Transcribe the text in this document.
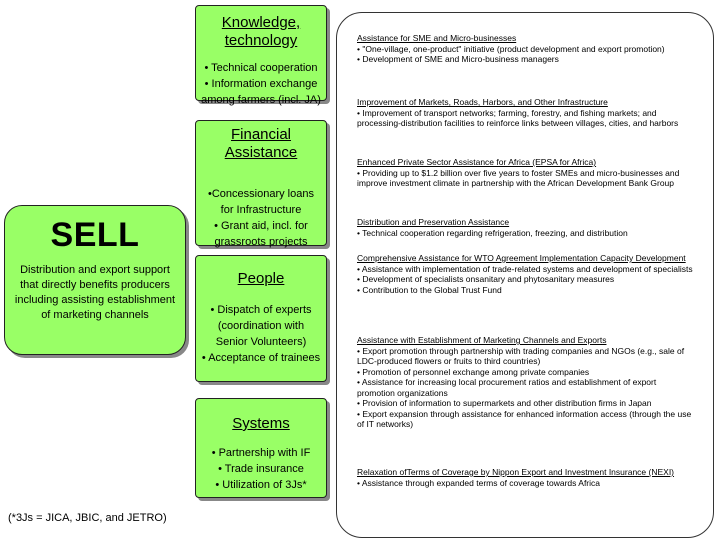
SELL
Distribution and export support that directly benefits producers including assisting establishment of marketing channels
Knowledge, technology
• Technical cooperation
• Information exchange
among farmers (incl. JA)
Financial Assistance
•Concessionary loans
for Infrastructure
• Grant aid, incl. for
grassroots projects
People
• Dispatch of experts
(coordination with
Senior Volunteers)
• Acceptance of trainees
Systems
• Partnership with IF
• Trade insurance
• Utilization of 3Js*
Assistance for SME and Micro-businesses
• "One-village, one-product" initiative (product development and export promotion)
• Development of SME and Micro-business managers
Improvement of Markets, Roads, Harbors, and Other Infrastructure
• Improvement of transport networks; farming, forestry, and fishing markets; and processing-distribution facilities to reinforce links between villages, cities, and harbors
Enhanced Private Sector Assistance for Africa (EPSA for Africa)
• Providing up to $1.2 billion over five years to foster SMEs and micro-businesses and improve investment climate in partnership with the African Development Bank Group
Distribution and Preservation Assistance
• Technical cooperation regarding refrigeration, freezing, and distribution
Comprehensive Assistance for WTO Agreement Implementation Capacity Development
• Assistance with implementation of trade-related systems and development of specialists
• Development of specialists onsanitary and phytosanitary measures
• Contribution to the Global Trust Fund
Assistance with Establishment of Marketing Channels and Exports
• Export promotion through partnership with trading companies and NGOs (e.g., sale of LDC-produced flowers or fruits to third countries)
• Promotion of personnel exchange among private companies
• Assistance for increasing local procurement ratios and establishment of export promotion organizations
• Provision of information to supermarkets and other distribution firms in Japan
• Export expansion through assistance for enhanced information access (through the use of IT networks)
Relaxation ofTerms of Coverage by Nippon Export and Investment Insurance (NEXI)
• Assistance through expanded terms of coverage towards Africa
(*3Js = JICA, JBIC, and JETRO)
